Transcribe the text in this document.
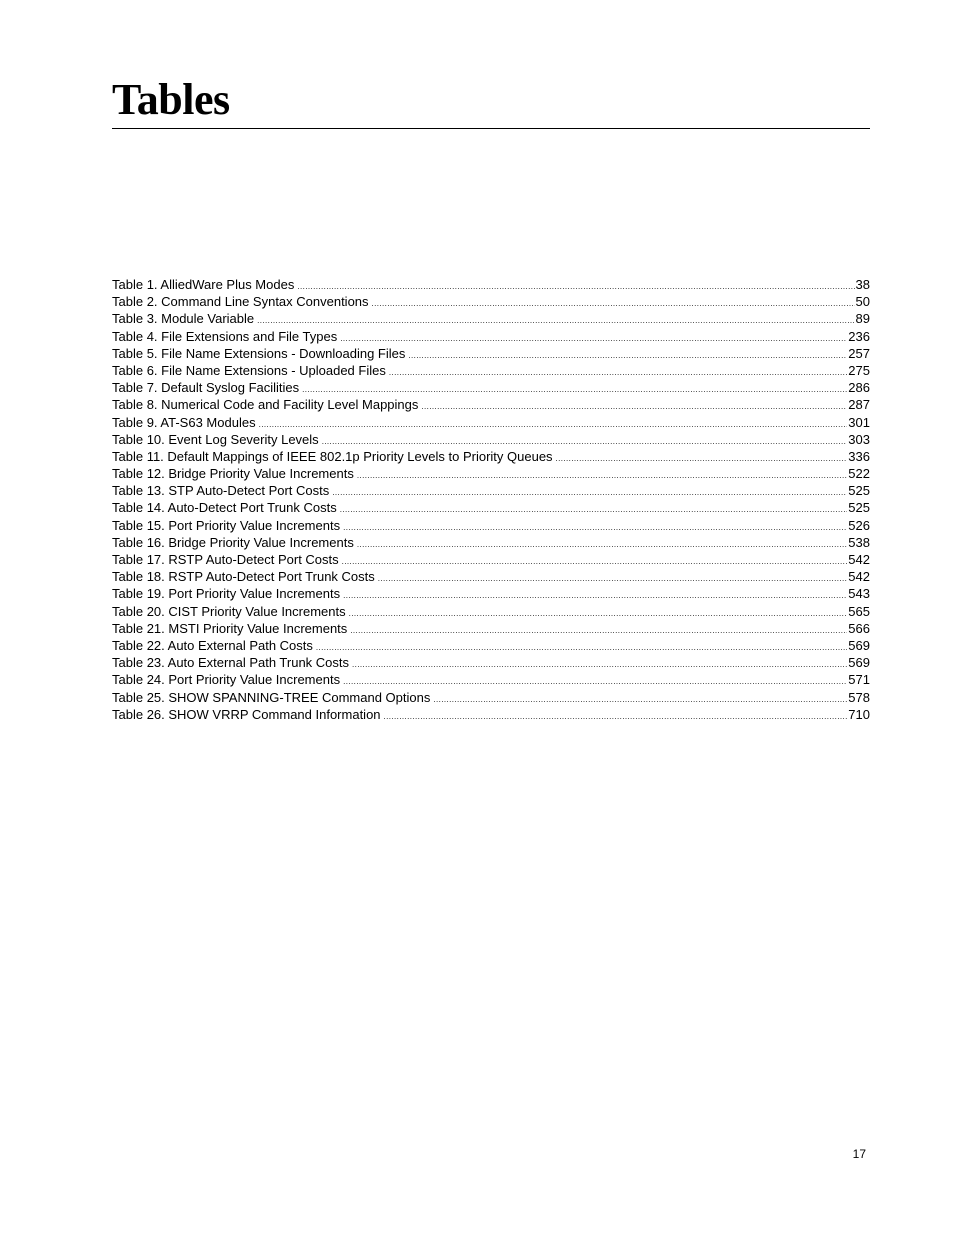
Tables
Table 1. AlliedWare Plus Modes .....	38
Table 2. Command Line Syntax Conventions .....	50
Table 3. Module Variable .....	89
Table 4. File Extensions and File Types .....	236
Table 5. File Name Extensions - Downloading Files .....	257
Table 6. File Name Extensions - Uploaded Files .....	275
Table 7. Default Syslog Facilities .....	286
Table 8. Numerical Code and Facility Level Mappings .....	287
Table 9. AT-S63 Modules .....	301
Table 10. Event Log Severity Levels .....	303
Table 11. Default Mappings of IEEE 802.1p Priority Levels to Priority Queues .....	336
Table 12. Bridge Priority Value Increments .....	522
Table 13. STP Auto-Detect Port Costs .....	525
Table 14. Auto-Detect Port Trunk Costs .....	525
Table 15. Port Priority Value Increments .....	526
Table 16. Bridge Priority Value Increments .....	538
Table 17. RSTP Auto-Detect Port Costs .....	542
Table 18. RSTP Auto-Detect Port Trunk Costs .....	542
Table 19. Port Priority Value Increments .....	543
Table 20. CIST Priority Value Increments .....	565
Table 21. MSTI Priority Value Increments .....	566
Table 22. Auto External Path Costs .....	569
Table 23. Auto External Path Trunk Costs .....	569
Table 24. Port Priority Value Increments .....	571
Table 25. SHOW SPANNING-TREE Command Options .....	578
Table 26. SHOW VRRP Command Information .....	710
17
